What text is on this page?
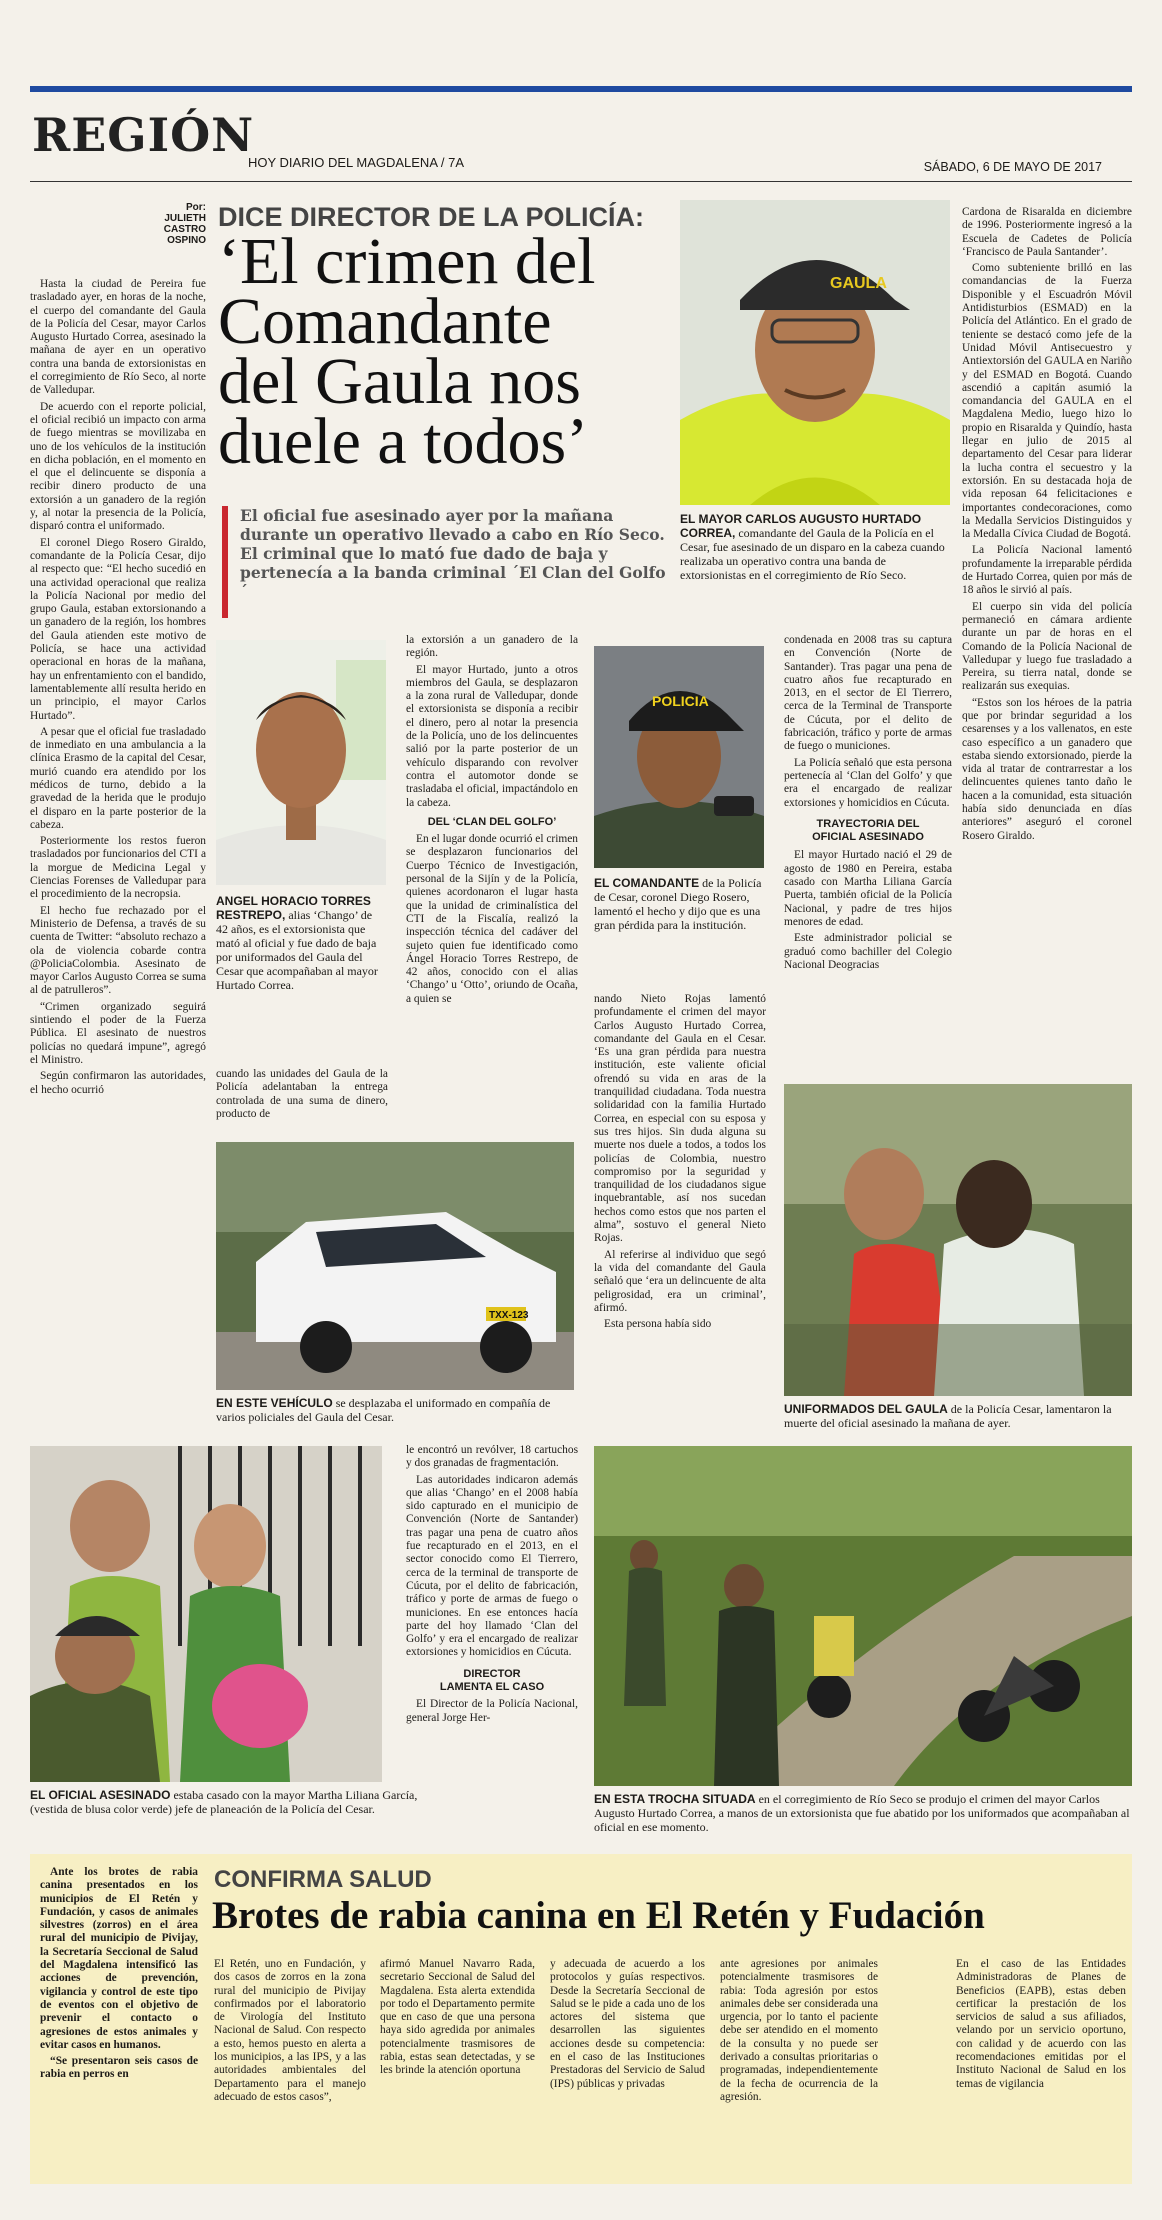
REGIÓN
HOY DIARIO DEL MAGDALENA / 7A	SÁBADO, 6 DE MAYO DE 2017
Por:
JULIETH
CASTRO
OSPINO
DICE DIRECTOR DE LA POLICÍA:
‘El crimen del
Comandante
del Gaula nos
duele a todos’
El oficial fue asesinado ayer por la mañana durante un operativo llevado a cabo en Río Seco. El criminal que lo mató fue dado de baja y pertenecía a la banda criminal ´El Clan del Golfo´

Hasta la ciudad de Pereira fue trasladado ayer, en horas de la noche, el cuerpo del comandante del Gaula de la Policía del Cesar, mayor Carlos Augusto Hurtado Correa, asesinado la mañana de ayer en un operativo contra una banda de extorsionistas en el corregimiento de Río Seco, al norte de Valledupar.

De acuerdo con el reporte policial, el oficial recibió un impacto con arma de fuego mientras se movilizaba en uno de los vehículos de la institución en dicha población, en el momento en el que el delincuente se disponía a recibir dinero producto de una extorsión a un ganadero de la región y, al notar la presencia de la Policía, disparó contra el uniformado.

El coronel Diego Rosero Giraldo, comandante de la Policía Cesar, dijo al respecto que: “El hecho sucedió en una actividad operacional que realiza la Policía Nacional por medio del grupo Gaula, estaban extorsionando a un ganadero de la región, los hombres del Gaula atienden este motivo de Policía, se hace una actividad operacional en horas de la mañana, hay un enfrentamiento con el bandido, lamentablemente allí resulta herido en un principio, el mayor Carlos Hurtado”.

A pesar que el oficial fue trasladado de inmediato en una ambulancia a la clínica Erasmo de la capital del Cesar, murió cuando era atendido por los médicos de turno, debido a la gravedad de la herida que le produjo el disparo en la parte posterior de la cabeza.

Posteriormente los restos fueron trasladados por funcionarios del CTI a la morgue de Medicina Legal y Ciencias Forenses de Valledupar para el procedimiento de la necropsia.

El hecho fue rechazado por el Ministerio de Defensa, a través de su cuenta de Twitter: “absoluto rechazo a ola de violencia cobarde contra @PoliciaColombia. Asesinato de mayor Carlos Augusto Correa se suma al de patrulleros”.

“Crimen organizado seguirá sintiendo el poder de la Fuerza Pública. El asesinato de nuestros policías no quedará impune”, agregó el Ministro.

Según confirmaron las autoridades, el hecho ocurrió

GAULA
EL MAYOR CARLOS AUGUSTO HURTADO CORREA, comandante del Gaula de la Policía en el Cesar, fue asesinado de un disparo en la cabeza cuando realizaba un operativo contra una banda de extorsionistas en el corregimiento de Río Seco.

Cardona de Risaralda en diciembre de 1996. Posteriormente ingresó a la Escuela de Cadetes de Policía ‘Francisco de Paula Santander’.

Como subteniente brilló en las comandancias de la Fuerza Disponible y el Escuadrón Móvil Antidisturbios (ESMAD) en la Policía del Atlántico. En el grado de teniente se destacó como jefe de la Unidad Móvil Antisecuestro y Antiextorsión del GAULA en Nariño y del ESMAD en Bogotá. Cuando ascendió a capitán asumió la comandancia del GAULA en el Magdalena Medio, luego hizo lo propio en Risaralda y Quindío, hasta llegar en julio de 2015 al departamento del Cesar para liderar la lucha contra el secuestro y la extorsión. En su destacada hoja de vida reposan 64 felicitaciones e importantes condecoraciones, como la Medalla Servicios Distinguidos y la Medalla Cívica Ciudad de Bogotá.

La Policía Nacional lamentó profundamente la irreparable pérdida de Hurtado Correa, quien por más de 18 años le sirvió al país.

El cuerpo sin vida del policía permaneció en cámara ardiente durante un par de horas en el Comando de la Policía Nacional de Valledupar y luego fue trasladado a Pereira, su tierra natal, donde se realizarán sus exequias.

“Estos son los héroes de la patria que por brindar seguridad a los cesarenses y a los vallenatos, en este caso específico a un ganadero que estaba siendo extorsionado, pierde la vida al tratar de contrarrestar a los delincuentes quienes tanto daño le hacen a la comunidad, esta situación había sido denunciada en días anteriores” aseguró el coronel Rosero Giraldo.

ANGEL HORACIO TORRES RESTREPO, alias ‘Chango’ de 42 años, es el extorsionista que mató al oficial y fue dado de baja por uniformados del Gaula del Cesar que acompañaban al mayor Hurtado Correa.

la extorsión a un ganadero de la región.

El mayor Hurtado, junto a otros miembros del Gaula, se desplazaron a la zona rural de Valledupar, donde el extorsionista se disponía a recibir el dinero, pero al notar la presencia de la Policía, uno de los delincuentes salió por la parte posterior de un vehículo disparando con revolver contra el automotor donde se trasladaba el oficial, impactándolo en la cabeza.

DEL ‘CLAN DEL GOLFO’

En el lugar donde ocurrió el crimen se desplazaron funcionarios del Cuerpo Técnico de Investigación, personal de la Sijín y de la Policía, quienes acordonaron el lugar hasta que la unidad de criminalística del CTI de la Fiscalía, realizó la inspección técnica del cadáver del sujeto quien fue identificado como Ángel Horacio Torres Restrepo, de 42 años, conocido con el alias ‘Chango’ u ‘Otto’, oriundo de Ocaña, a quien se

cuando las unidades del Gaula de la Policía adelantaban la entrega controlada de una suma de dinero, producto de

POLICIA
EL COMANDANTE de la Policía de Cesar, coronel Diego Rosero, lamentó el hecho y dijo que es una gran pérdida para la institución.

nando Nieto Rojas lamentó profundamente el crimen del mayor Carlos Augusto Hurtado Correa, comandante del Gaula en el Cesar. ‘Es una gran pérdida para nuestra institución, este valiente oficial ofrendó su vida en aras de la tranquilidad ciudadana. Toda nuestra solidaridad con la familia Hurtado Correa, en especial con su esposa y sus tres hijos. Sin duda alguna su muerte nos duele a todos, a todos los policías de Colombia, nuestro compromiso por la seguridad y tranquilidad de los ciudadanos sigue inquebrantable, así nos sucedan hechos como estos que nos parten el alma”, sostuvo el general Nieto Rojas.

Al referirse al individuo que segó la vida del comandante del Gaula señaló que ‘era un delincuente de alta peligrosidad, era un criminal’, afirmó.

Esta persona había sido

condenada en 2008 tras su captura en Convención (Norte de Santander). Tras pagar una pena de cuatro años fue recapturado en 2013, en el sector de El Tierrero, cerca de la Terminal de Transporte de Cúcuta, por el delito de fabricación, tráfico y porte de armas de fuego o municiones.

La Policía señaló que esta persona pertenecía al ‘Clan del Golfo’ y que era el encargado de realizar extorsiones y homicidios en Cúcuta.

TRAYECTORIA DEL
OFICIAL ASESINADO

El mayor Hurtado nació el 29 de agosto de 1980 en Pereira, estaba casado con Martha Liliana García Puerta, también oficial de la Policía Nacional, y padre de tres hijos menores de edad.

Este administrador policial se graduó como bachiller del Colegio Nacional Deogracias

TXX-123
EN ESTE VEHÍCULO se desplazaba el uniformado en compañía de varios policiales del Gaula del Cesar.
UNIFORMADOS DEL GAULA de la Policía Cesar, lamentaron la muerte del oficial asesinado la mañana de ayer.
EL OFICIAL ASESINADO estaba casado con la mayor Martha Liliana García, (vestida de blusa color verde) jefe de planeación de la Policía del Cesar.

le encontró un revólver, 18 cartuchos y dos granadas de fragmentación.

Las autoridades indicaron además que alias ‘Chango’ en el 2008 había sido capturado en el municipio de Convención (Norte de Santander) tras pagar una pena de cuatro años fue recapturado en el 2013, en el sector conocido como El Tierrero, cerca de la terminal de transporte de Cúcuta, por el delito de fabricación, tráfico y porte de armas de fuego o municiones. En ese entonces hacía parte del hoy llamado ‘Clan del Golfo’ y era el encargado de realizar extorsiones y homicidios en Cúcuta.

DIRECTOR
LAMENTA EL CASO

El Director de la Policía Nacional, general Jorge Her-

EN ESTA TROCHA SITUADA en el corregimiento de Río Seco se produjo el crimen del mayor Carlos Augusto Hurtado Correa, a manos de un extorsionista que fue abatido por los uniformados que acompañaban al oficial en ese momento.

Ante los brotes de rabia canina presentados en los municipios de El Retén y Fundación, y casos de animales silvestres (zorros) en el área rural del municipio de Pivijay, la Secretaría Seccional de Salud del Magdalena intensificó las acciones de prevención, vigilancia y control de este tipo de eventos con el objetivo de prevenir el contacto o agresiones de estos animales y evitar casos en humanos.

“Se presentaron seis casos de rabia en perros en

CONFIRMA SALUD
Brotes de rabia canina en El Retén y Fudación
El Retén, uno en Fundación, y dos casos de zorros en la zona rural del municipio de Pivijay confirmados por el laboratorio de Virología del Instituto Nacional de Salud. Con respecto a esto, hemos puesto en alerta a los municipios, a las IPS, y a las autoridades ambientales del Departamento para el manejo adecuado de estos casos”,
afirmó Manuel Navarro Rada, secretario Seccional de Salud del Magdalena. Esta alerta extendida por todo el Departamento permite que en caso de que una persona haya sido agredida por animales potencialmente trasmisores de rabia, estas sean detectadas, y se les brinde la atención oportuna
y adecuada de acuerdo a los protocolos y guías respectivos. Desde la Secretaría Seccional de Salud se le pide a cada uno de los actores del sistema que desarrollen las siguientes acciones desde su competencia: en el caso de las Instituciones Prestadoras del Servicio de Salud (IPS) públicas y privadas
ante agresiones por animales potencialmente trasmisores de rabia: Toda agresión por estos animales debe ser considerada una urgencia, por lo tanto el paciente debe ser atendido en el momento de la consulta y no puede ser derivado a consultas prioritarias o programadas, independientemente de la fecha de ocurrencia de la agresión.
En el caso de las Entidades Administradoras de Planes de Beneficios (EAPB), estas deben certificar la prestación de los servicios de salud a sus afiliados, velando por un servicio oportuno, con calidad y de acuerdo con las recomendaciones emitidas por el Instituto Nacional de Salud en los temas de vigilancia
